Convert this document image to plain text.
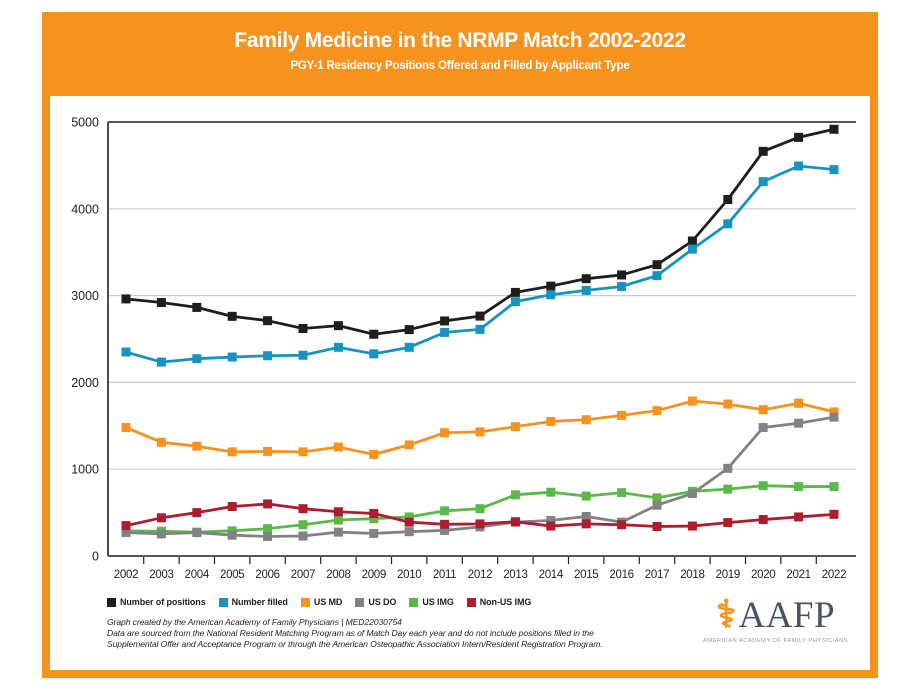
Family Medicine in the NRMP Match 2002-2022
PGY-1 Residency Positions Offered and Filled by Applicant Type
0
1000
2000
3000
4000
5000
2002 2003 2004 2005 2006 2007 2008 2009 2010 2011 2012 2013 2014 2015 2016 2017 2018 2019 2020 2021 2022
Number of positions	Number filled	US MD	US DO	US IMG	Non-US IMG
Graph created by the American Academy of Family Physicians | MED22030754
Data are sourced from the National Resident Matching Program as of Match Day each year and do not include positions filled in the
Supplemental Offer and Acceptance Program or through the American Osteopathic Association Intern/Resident Registration Program.
⚕ AAFP
AMERICAN ACADEMY OF FAMILY PHYSICIANS
